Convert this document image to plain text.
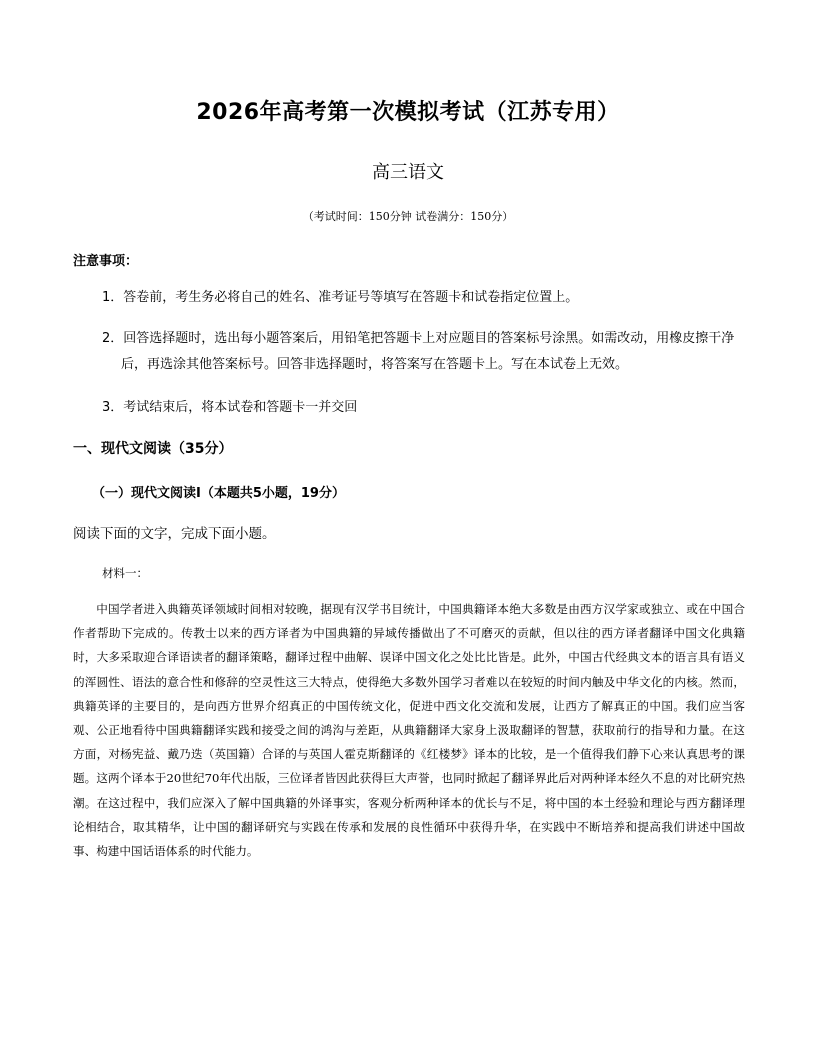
2026年高考第一次模拟考试（江苏专用）
高三语文
（考试时间：150分钟 试卷满分：150分）
注意事项：
1．答卷前，考生务必将自己的姓名、准考证号等填写在答题卡和试卷指定位置上。
2．回答选择题时，选出每小题答案后，用铅笔把答题卡上对应题目的答案标号涂黑。如需改动，用橡皮擦干净后，再选涂其他答案标号。回答非选择题时，将答案写在答题卡上。写在本试卷上无效。
3．考试结束后，将本试卷和答题卡一并交回
一、现代文阅读（35分）
（一）现代文阅读Ⅰ（本题共5小题，19分）
阅读下面的文字，完成下面小题。
材料一：

中国学者进入典籍英译领域时间相对较晚，据现有汉学书目统计，中国典籍译本绝大多数是由西方汉学家或独立、或在中国合作者帮助下完成的。传教士以来的西方译者为中国典籍的异域传播做出了不可磨灭的贡献，但以往的西方译者翻译中国文化典籍时，大多采取迎合译语读者的翻译策略，翻译过程中曲解、误译中国文化之处比比皆是。此外，中国古代经典文本的语言具有语义的浑圆性、语法的意合性和修辞的空灵性这三大特点，使得绝大多数外国学习者难以在较短的时间内触及中华文化的内核。然而，典籍英译的主要目的，是向西方世界介绍真正的中国传统文化，促进中西文化交流和发展，让西方了解真正的中国。我们应当客观、公正地看待中国典籍翻译实践和接受之间的鸿沟与差距，从典籍翻译大家身上汲取翻译的智慧，获取前行的指导和力量。在这方面，对杨宪益、戴乃迭（英国籍）合译的与英国人霍克斯翻译的《红楼梦》译本的比较，是一个值得我们静下心来认真思考的课题。这两个译本于20世纪70年代出版，三位译者皆因此获得巨大声誉，也同时掀起了翻译界此后对两种译本经久不息的对比研究热潮。在这过程中，我们应深入了解中国典籍的外译事实，客观分析两种译本的优长与不足，将中国的本土经验和理论与西方翻译理论相结合，取其精华，让中国的翻译研究与实践在传承和发展的良性循环中获得升华，在实践中不断培养和提高我们讲述中国故事、构建中国话语体系的时代能力。
